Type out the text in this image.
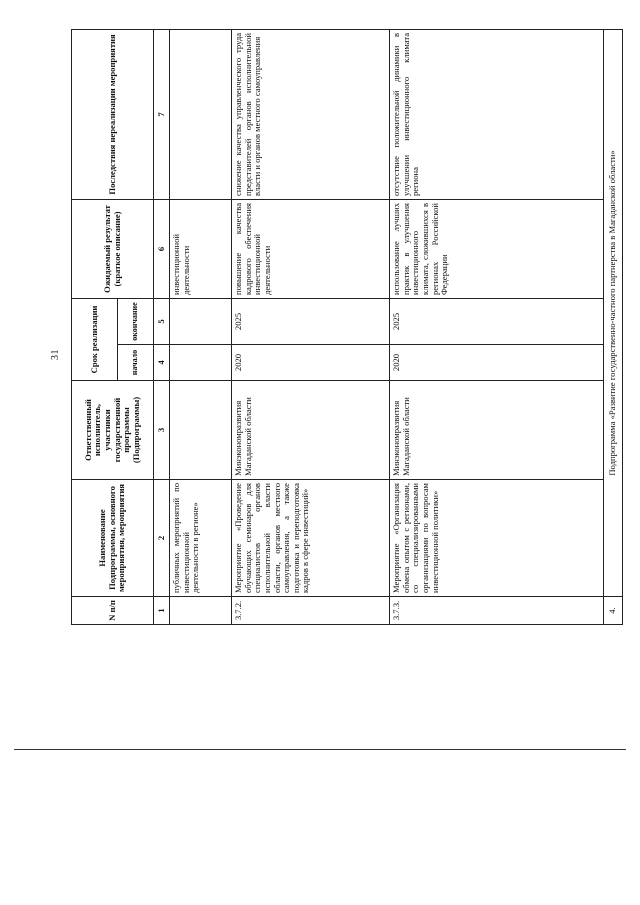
31
N п/п	Наименование Подпрограммы, основного мероприятия, мероприятия	Ответственный исполнитель, участники государственной программы (Подпрограммы)	Срок реализации		Ожидаемый результат (краткое описание)	Последствия нереализации мероприятия
			начало	окончание		
1	2	3	4	5	6	7
	публичных мероприятий по инвестиционной деятельности в регионе»				инвестиционной деятельности	
3.7.2.	Мероприятие «Проведение обучающих семинаров для специалистов органов исполнительной власти области, органов местного самоуправления, а также подготовка и переподготовка кадров в сфере инвестиций»	Минэкономразвития Магаданской области	2020	2025	повышение качества кадрового обеспечения инвестиционной деятельности	снижение качества управленческого труда представителей органов исполнительной власти и органов местного самоуправления
3.7.3.	Мероприятие «Организация обмена опытом с регионами, со специализированными организациями по вопросам инвестиционной политики»	Минэкономразвития Магаданской области	2020	2025	использование лучших практик в улучшения инвестиционного климата, сложившихся в регионах Российской Федерации	отсутствие положительной динамики в улучшении инвестиционного климата региона
4.	Подпрограмма «Развитие государственно-частного партнерства в Магаданской области»					
